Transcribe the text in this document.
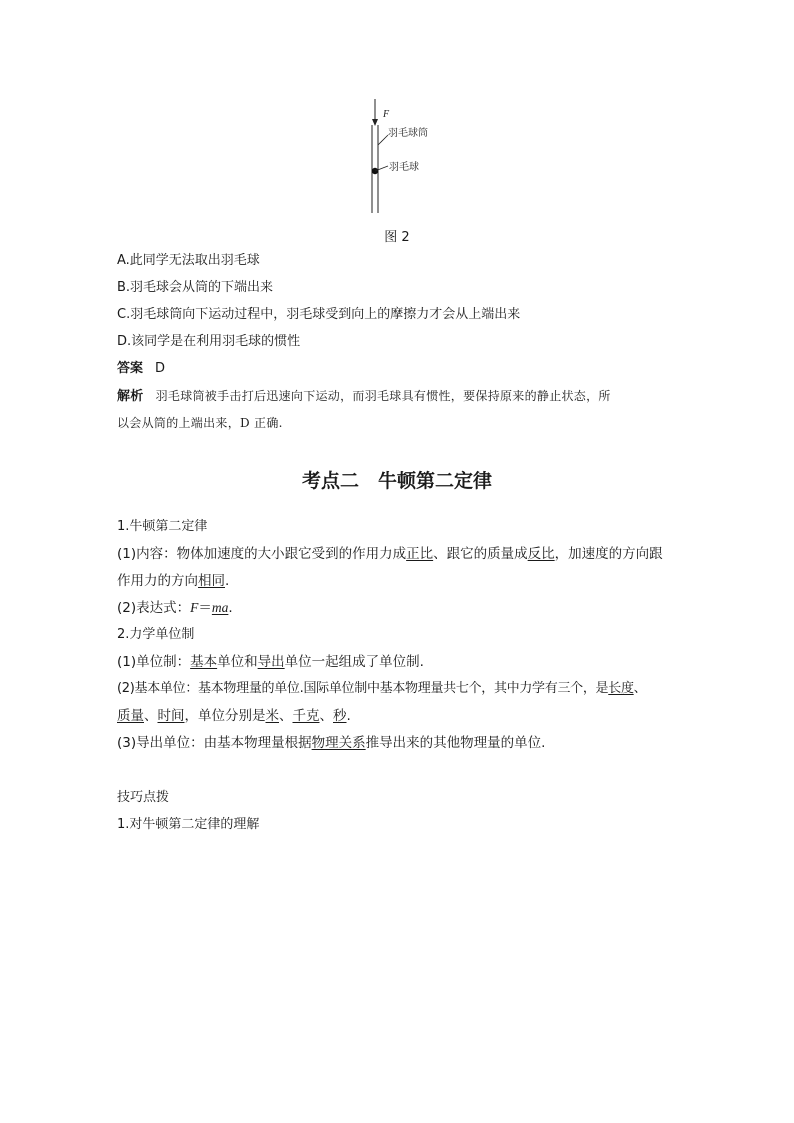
F
羽毛球筒
羽毛球
图 2
A.此同学无法取出羽毛球
B.羽毛球会从筒的下端出来
C.羽毛球筒向下运动过程中，羽毛球受到向上的摩擦力才会从上端出来
D.该同学是在利用羽毛球的惯性
答案 D
解析 羽毛球筒被手击打后迅速向下运动，而羽毛球具有惯性，要保持原来的静止状态，所
以会从筒的上端出来，D 正确.
考点二　牛顿第二定律
1.牛顿第二定律
(1)内容：物体加速度的大小跟它受到的作用力成正比、跟它的质量成反比，加速度的方向跟
作用力的方向相同.
(2)表达式：F＝ma.
2.力学单位制
(1)单位制：基本单位和导出单位一起组成了单位制.
(2)基本单位：基本物理量的单位.国际单位制中基本物理量共七个，其中力学有三个，是长度、
质量、时间，单位分别是米、千克、秒.
(3)导出单位：由基本物理量根据物理关系推导出来的其他物理量的单位.
技巧点拨
1.对牛顿第二定律的理解
